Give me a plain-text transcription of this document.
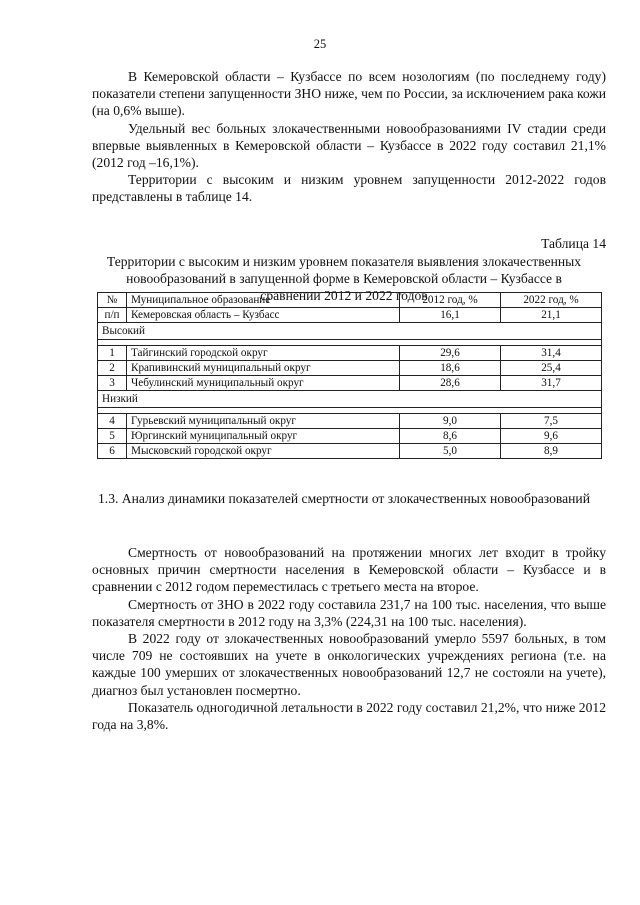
25

В Кемеровской области – Кузбассе по всем нозологиям (по последнему году) показатели степени запущенности ЗНО ниже, чем по России, за исключением рака кожи (на 0,6% выше).

Удельный вес больных злокачественными новообразованиями IV стадии среди впервые выявленных в Кемеровской области – Кузбассе в 2022 году составил 21,1% (2012 год –16,1%).

Территории с высоким и низким уровнем запущенности 2012-2022 годов представлены в таблице 14.

Таблица 14
Территории с высоким и низким уровнем показателя выявления злокачественных новообразований в запущенной форме в Кемеровской области – Кузбассе в сравнении 2012 и 2022 годов
№	Муниципальное образование	2012 год, %	2022 год, %
п/п	Кемеровская область – Кузбасс	16,1	21,1
Высокий			

1	Тайгинский городской округ	29,6	31,4
2	Крапивинский муниципальный округ	18,6	25,4
3	Чебулинский муниципальный округ	28,6	31,7
Низкий			

4	Гурьевский муниципальный округ	9,0	7,5
5	Юргинский муниципальный округ	8,6	9,6
6	Мысковский городской округ	5,0	8,9
1.3. Анализ динамики показателей смертности от злокачественных новообразований

Смертность от новообразований на протяжении многих лет входит в тройку основных причин смертности населения в Кемеровской области – Кузбассе и в сравнении с 2012 годом переместилась с третьего места на второе.

Смертность от ЗНО в 2022 году составила 231,7 на 100 тыс. населения, что выше показателя смертности в 2012 году на 3,3% (224,31 на 100 тыс. населения).

В 2022 году от злокачественных новообразований умерло 5597 больных, в том числе 709 не состоявших на учете в онкологических учреждениях региона (т.е. на каждые 100 умерших от злокачественных новообразований 12,7 не состояли на учете), диагноз был установлен посмертно.

Показатель одногодичной летальности в 2022 году составил 21,2%, что ниже 2012 года на 3,8%.
